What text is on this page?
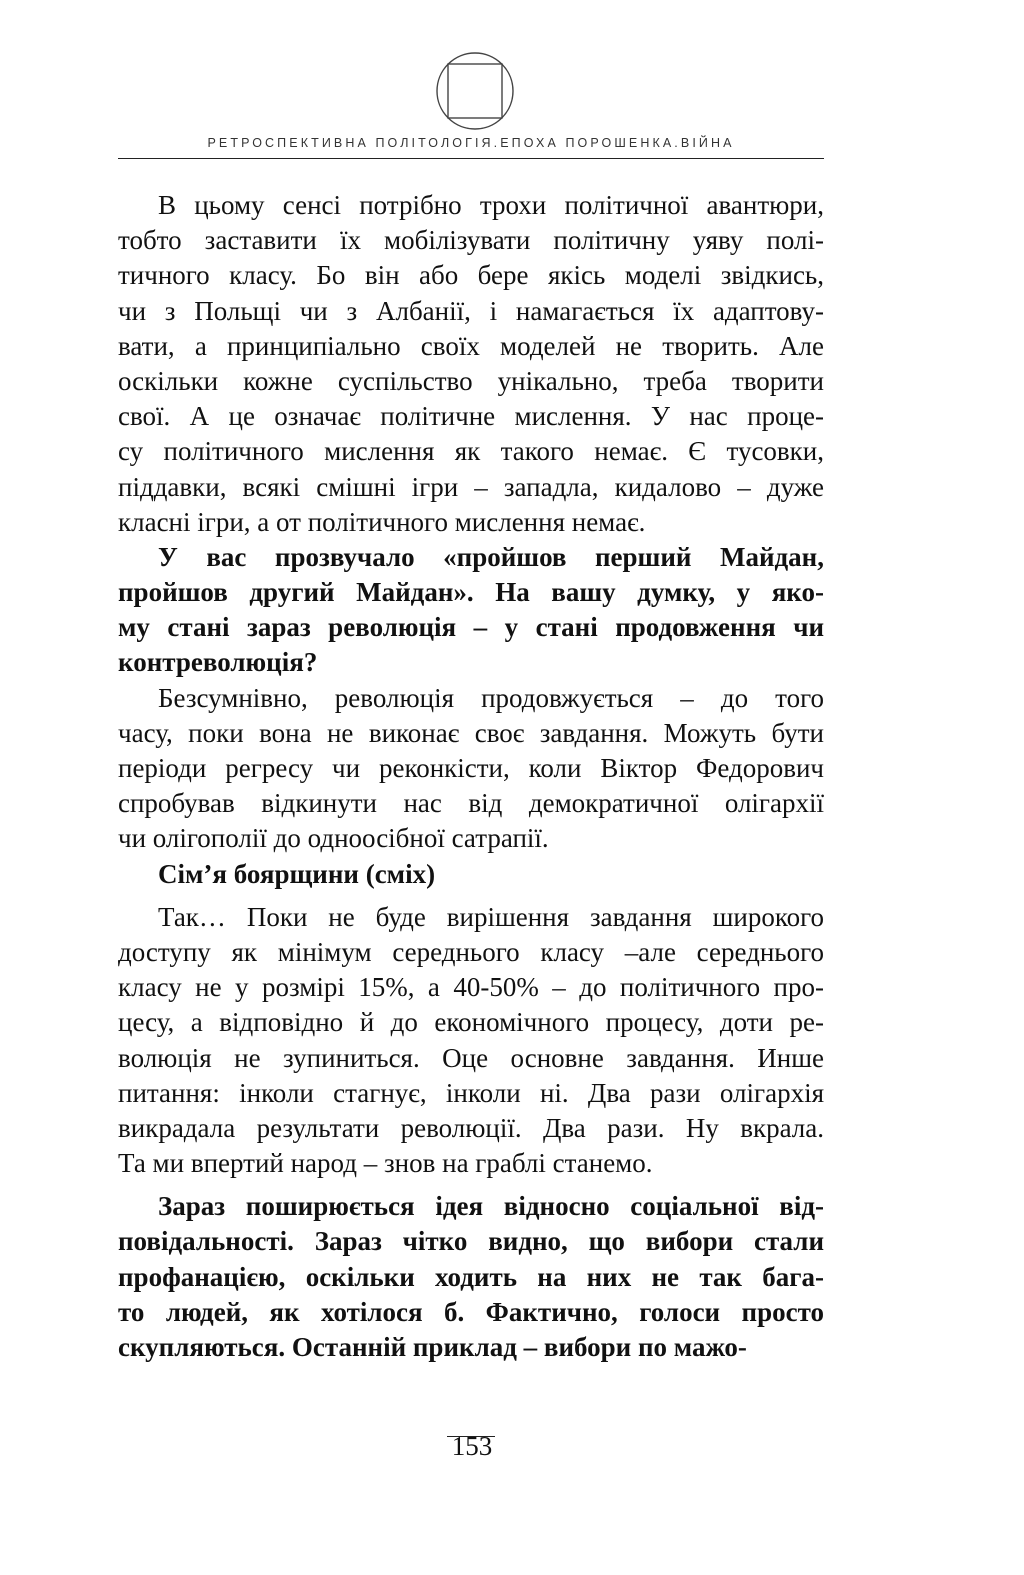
РЕТРОСПЕКТИВНА ПОЛІТОЛОГІЯ.ЕПОХА ПОРОШЕНКА.ВІЙНА
В цьому сенсі потрібно трохи політичної авантюри,
тобто заставити їх мобілізувати політичну уяву полі-
тичного класу. Бо він або бере якісь моделі звідкись,
чи з Польщі чи з Албанії, і намагається їх адаптову-
вати, а принципіально своїх моделей не творить. Але
оскільки кожне суспільство унікально, треба творити
свої. А це означає політичне мислення. У нас проце-
су політичного мислення як такого немає. Є тусовки,
піддавки, всякі смішні ігри – западла, кидалово – дуже
класні ігри, а от політичного мислення немає.
У вас прозвучало «пройшов перший Майдан,
пройшов другий Майдан». На вашу думку, у яко-
му стані зараз революція – у стані продовження чи
контреволюція?
Безсумнівно, революція продовжується – до того
часу, поки вона не виконає своє завдання. Можуть бути
періоди регресу чи реконкісти, коли Віктор Федорович
спробував відкинути нас від демократичної олігархії
чи олігополії до одноосібної сатрапії.
Сім’я боярщини (сміх)
Так… Поки не буде вирішення завдання широкого
доступу як мінімум середнього класу –але середнього
класу не у розмірі 15%, а 40-50% – до політичного про-
цесу, а відповідно й до економічного процесу, доти ре-
волюція не зупиниться. Оце основне завдання. Инше
питання: інколи стагнує, інколи ні. Два рази олігархія
викрадала результати революції. Два рази. Ну вкрала.
Та ми впертий народ – знов на граблі станемо.
Зараз поширюється ідея відносно соціальної від-
повідальності. Зараз чітко видно, що вибори стали
профанацією, оскільки ходить на них не так бага-
то людей, як хотілося б. Фактично, голоси просто
скупляються. Останній приклад – вибори по мажо-
153
